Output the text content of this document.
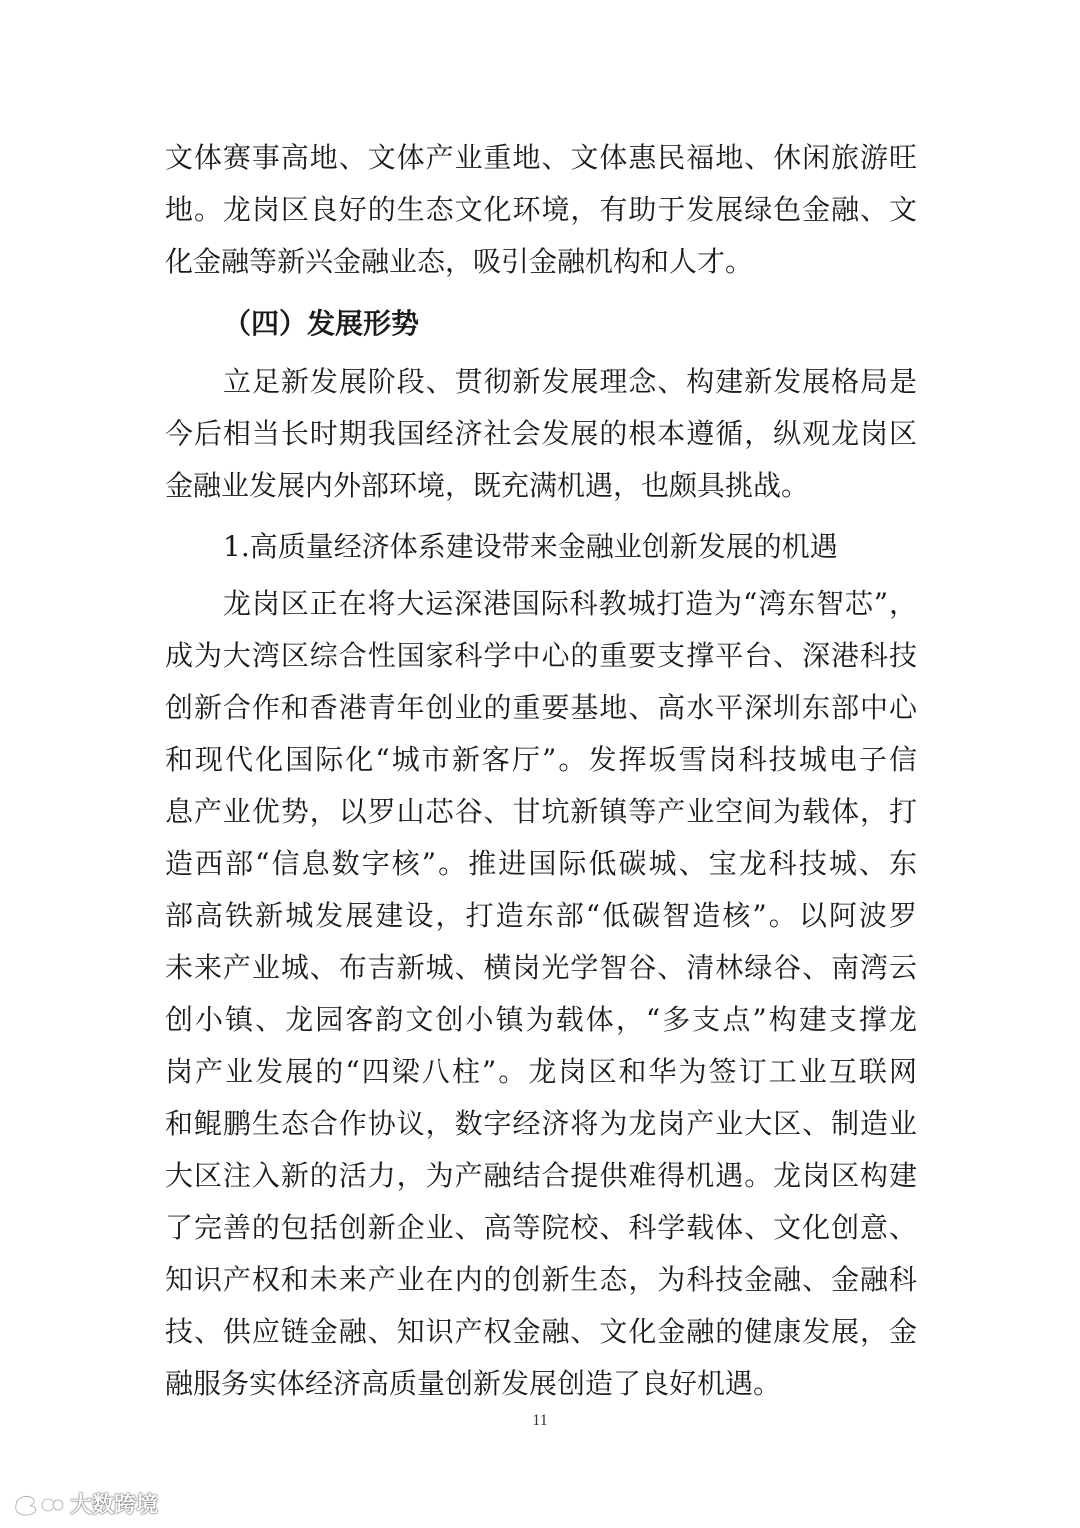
文体赛事高地、文体产业重地、文体惠民福地、休闲旅游旺
地。龙岗区良好的生态文化环境，有助于发展绿色金融、文
化金融等新兴金融业态，吸引金融机构和人才。
（四）发展形势
立足新发展阶段、贯彻新发展理念、构建新发展格局是
今后相当长时期我国经济社会发展的根本遵循，纵观龙岗区
金融业发展内外部环境，既充满机遇，也颇具挑战。
1.高质量经济体系建设带来金融业创新发展的机遇
龙岗区正在将大运深港国际科教城打造为“湾东智芯”，
成为大湾区综合性国家科学中心的重要支撑平台、深港科技
创新合作和香港青年创业的重要基地、高水平深圳东部中心
和现代化国际化“城市新客厅”。发挥坂雪岗科技城电子信
息产业优势，以罗山芯谷、甘坑新镇等产业空间为载体，打
造西部“信息数字核”。推进国际低碳城、宝龙科技城、东
部高铁新城发展建设，打造东部“低碳智造核”。以阿波罗
未来产业城、布吉新城、横岗光学智谷、清林绿谷、南湾云
创小镇、龙园客韵文创小镇为载体，“多支点”构建支撑龙
岗产业发展的“四梁八柱”。龙岗区和华为签订工业互联网
和鲲鹏生态合作协议，数字经济将为龙岗产业大区、制造业
大区注入新的活力，为产融结合提供难得机遇。龙岗区构建
了完善的包括创新企业、高等院校、科学载体、文化创意、
知识产权和未来产业在内的创新生态，为科技金融、金融科
技、供应链金融、知识产权金融、文化金融的健康发展，金
融服务实体经济高质量创新发展创造了良好机遇。
11
大数跨境
